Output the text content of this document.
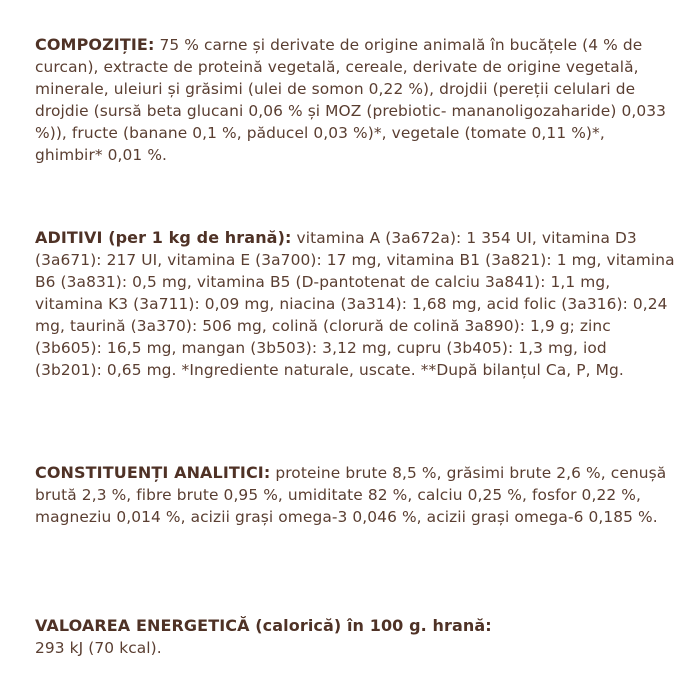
COMPOZIȚIE: 75 % carne și derivate de origine animală în bucățele (4 % de curcan), extracte de proteină vegetală, cereale, derivate de origine vegetală, minerale, uleiuri și grăsimi (ulei de somon 0,22 %), drojdii (pereții celulari de drojdie (sursă beta glucani 0,06 % și MOZ (prebiotic- mananoligozaharide) 0,033 %)), fructe (banane 0,1 %, păducel 0,03 %)*, vegetale (tomate 0,11 %)*, ghimbir* 0,01 %.
ADITIVI (per 1 kg de hrană): vitamina A (3a672a): 1 354 UI, vitamina D3 (3a671): 217 UI, vitamina E (3a700): 17 mg, vitamina B1 (3a821): 1 mg, vitamina B6 (3a831): 0,5 mg, vitamina B5 (D-pantotenat de calciu 3a841): 1,1 mg, vitamina K3 (3a711): 0,09 mg, niacina (3a314): 1,68 mg, acid folic (3a316): 0,24 mg, taurină (3a370): 506 mg, colină (clorură de colină 3a890): 1,9 g; zinc (3b605): 16,5 mg, mangan (3b503): 3,12 mg, cupru (3b405): 1,3 mg, iod (3b201): 0,65 mg. *Ingrediente naturale, uscate. **După bilanțul Ca, P, Mg.
CONSTITUENȚI ANALITICI: proteine brute 8,5 %, grăsimi brute 2,6 %, cenușă brută 2,3 %, fibre brute 0,95 %, umiditate 82 %, calciu 0,25 %, fosfor 0,22 %, magneziu 0,014 %, acizii grași omega-3 0,046 %, acizii grași omega-6 0,185 %.
VALOAREA ENERGETICĂ (calorică) în 100 g. hrană:
293 kJ (70 kcal).
